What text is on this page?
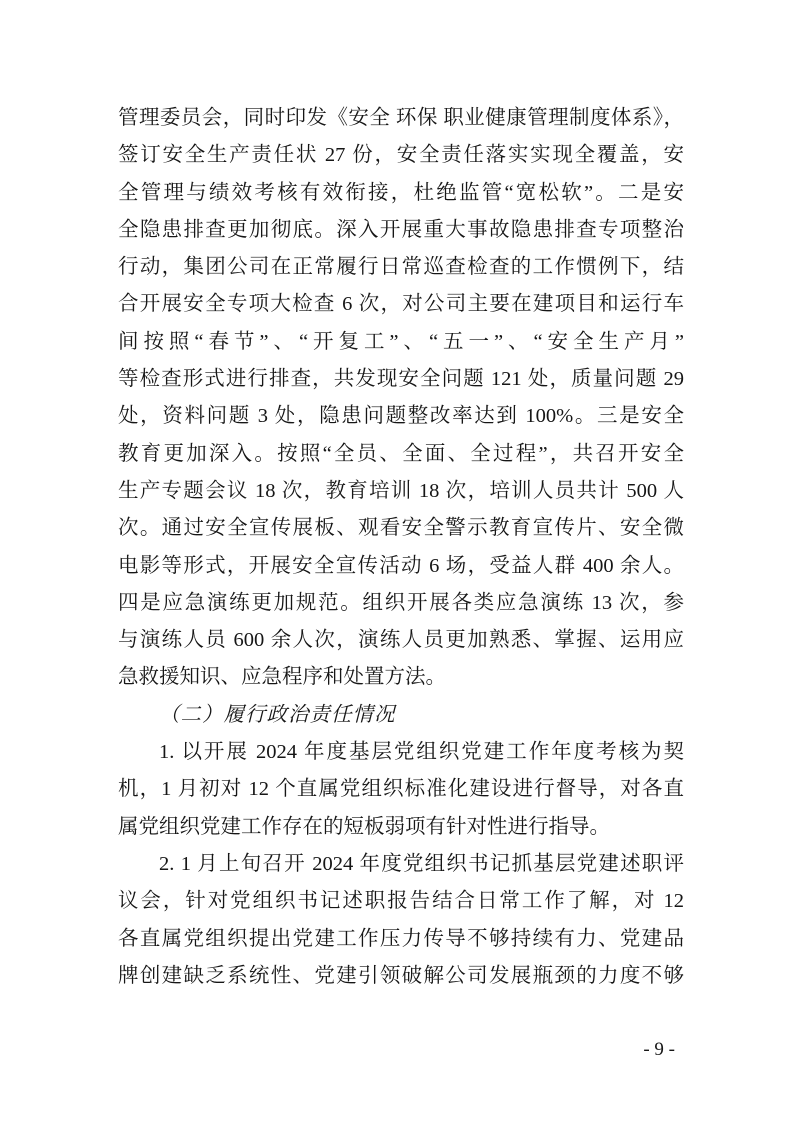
管理委员会，同时印发《安全 环保 职业健康管理制度体系》，
签订安全生产责任状 27 份，安全责任落实实现全覆盖，安
全管理与绩效考核有效衔接，杜绝监管“宽松软”。二是安
全隐患排查更加彻底。深入开展重大事故隐患排查专项整治
行动，集团公司在正常履行日常巡查检查的工作惯例下，结
合开展安全专项大检查 6 次，对公司主要在建项目和运行车
间按照“春节”、“开复工”、“五一”、“安全生产月”
等检查形式进行排查，共发现安全问题 121 处，质量问题 29
处，资料问题 3 处，隐患问题整改率达到 100%。三是安全
教育更加深入。按照“全员、全面、全过程”，共召开安全
生产专题会议 18 次，教育培训 18 次，培训人员共计 500 人
次。通过安全宣传展板、观看安全警示教育宣传片、安全微
电影等形式，开展安全宣传活动 6 场，受益人群 400 余人。
四是应急演练更加规范。组织开展各类应急演练 13 次，参
与演练人员 600 余人次，演练人员更加熟悉、掌握、运用应
急救援知识、应急程序和处置方法。
（二）履行政治责任情况
1. 以开展 2024 年度基层党组织党建工作年度考核为契
机，1 月初对 12 个直属党组织标准化建设进行督导，对各直
属党组织党建工作存在的短板弱项有针对性进行指导。
2. 1 月上旬召开 2024 年度党组织书记抓基层党建述职评
议会，针对党组织书记述职报告结合日常工作了解，对 12
各直属党组织提出党建工作压力传导不够持续有力、党建品
牌创建缺乏系统性、党建引领破解公司发展瓶颈的力度不够
- 9 -
